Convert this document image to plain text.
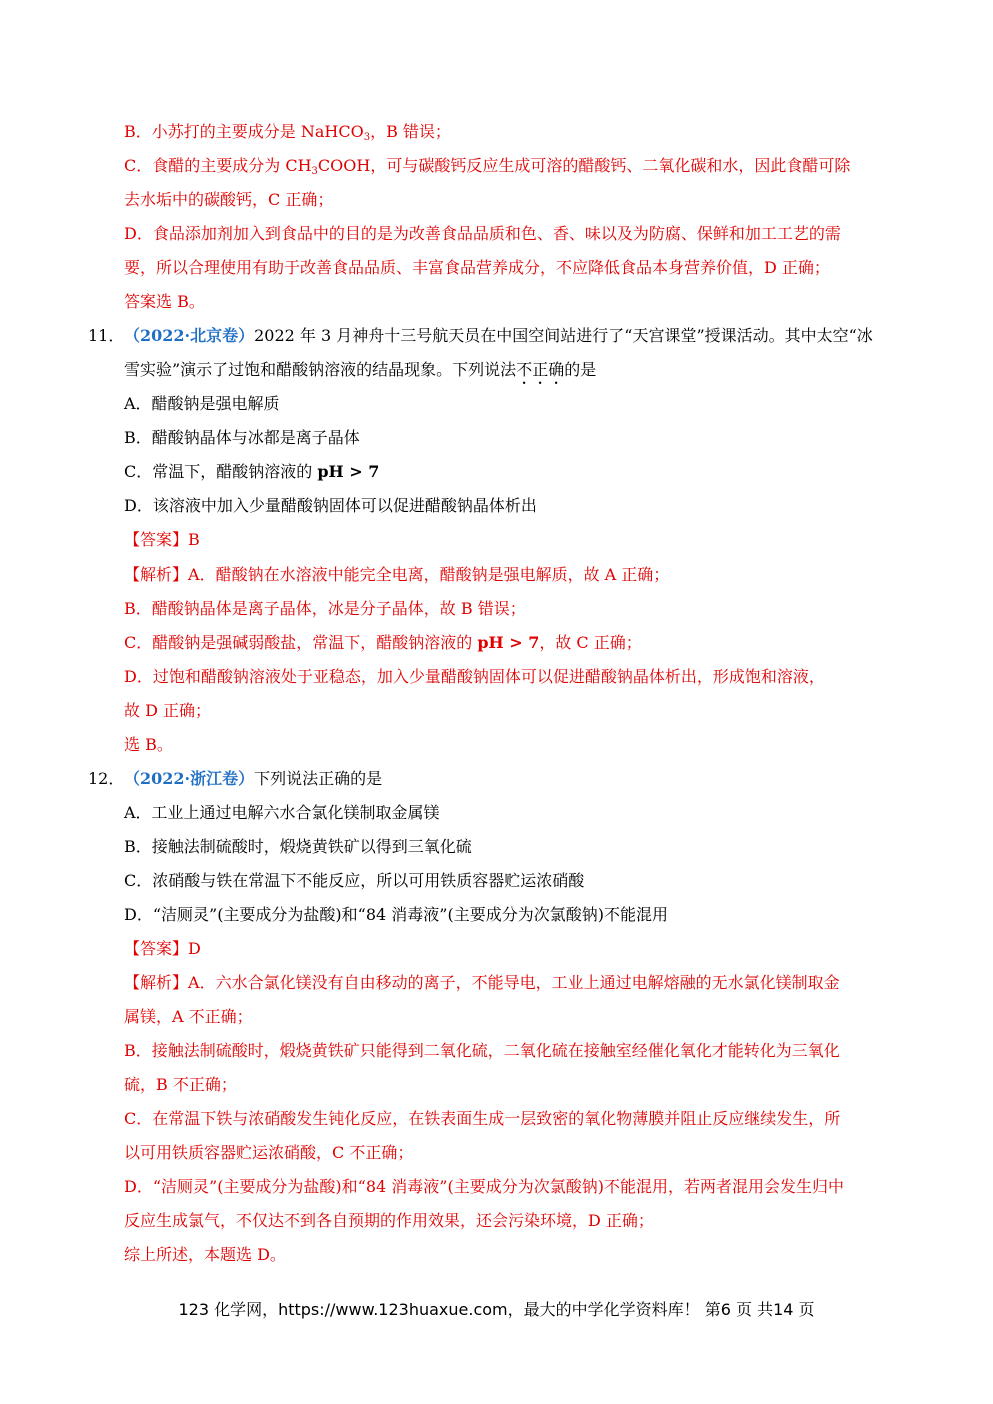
B．小苏打的主要成分是 NaHCO$_3$，B 错误；
C．食醋的主要成分为 $CH_3COOH$，可与碳酸钙反应生成可溶的醋酸钙、二氧化碳和水，因此食醋可除
去水垢中的碳酸钙，C 正确；
D．食品添加剂加入到食品中的目的是为改善食品品质和色、香、味以及为防腐、保鲜和加工工艺的需
要，所以合理使用有助于改善食品品质、丰富食品营养成分，不应降低食品本身营养价值，D 正确；
答案选 B。
11． （2022·北京卷）2022 年 3 月神舟十三号航天员在中国空间站进行了“天宫课堂”授课活动。其中太空“冰
雪实验”演示了过饱和醋酸钠溶液的结晶现象。下列说法不正确的是
A．醋酸钠是强电解质
B．醋酸钠晶体与冰都是离子晶体
C．常温下，醋酸钠溶液的 pH > 7
D．该溶液中加入少量醋酸钠固体可以促进醋酸钠晶体析出
【答案】B
【解析】A．醋酸钠在水溶液中能完全电离，醋酸钠是强电解质，故 A 正确；
B．醋酸钠晶体是离子晶体，冰是分子晶体，故 B 错误；
C．醋酸钠是强碱弱酸盐，常温下，醋酸钠溶液的 pH > 7，故 C 正确；
D．过饱和醋酸钠溶液处于亚稳态，加入少量醋酸钠固体可以促进醋酸钠晶体析出，形成饱和溶液，
故 D 正确；
选 B。
12． （2022·浙江卷）下列说法正确的是
A．工业上通过电解六水合氯化镁制取金属镁
B．接触法制硫酸时，煅烧黄铁矿以得到三氧化硫
C．浓硝酸与铁在常温下不能反应，所以可用铁质容器贮运浓硝酸
D．“洁厕灵”(主要成分为盐酸)和“84 消毒液”(主要成分为次氯酸钠)不能混用
【答案】D
【解析】A．六水合氯化镁没有自由移动的离子，不能导电，工业上通过电解熔融的无水氯化镁制取金
属镁，A 不正确；
B．接触法制硫酸时，煅烧黄铁矿只能得到二氧化硫，二氧化硫在接触室经催化氧化才能转化为三氧化
硫，B 不正确；
C．在常温下铁与浓硝酸发生钝化反应，在铁表面生成一层致密的氧化物薄膜并阻止反应继续发生，所
以可用铁质容器贮运浓硝酸，C 不正确；
D．“洁厕灵”(主要成分为盐酸)和“84 消毒液”(主要成分为次氯酸钠)不能混用，若两者混用会发生归中
反应生成氯气，不仅达不到各自预期的作用效果，还会污染环境，D 正确；
综上所述，本题选 D。
123 化学网，https://www.123huaxue.com，最大的中学化学资料库！ 第6 页 共14 页
